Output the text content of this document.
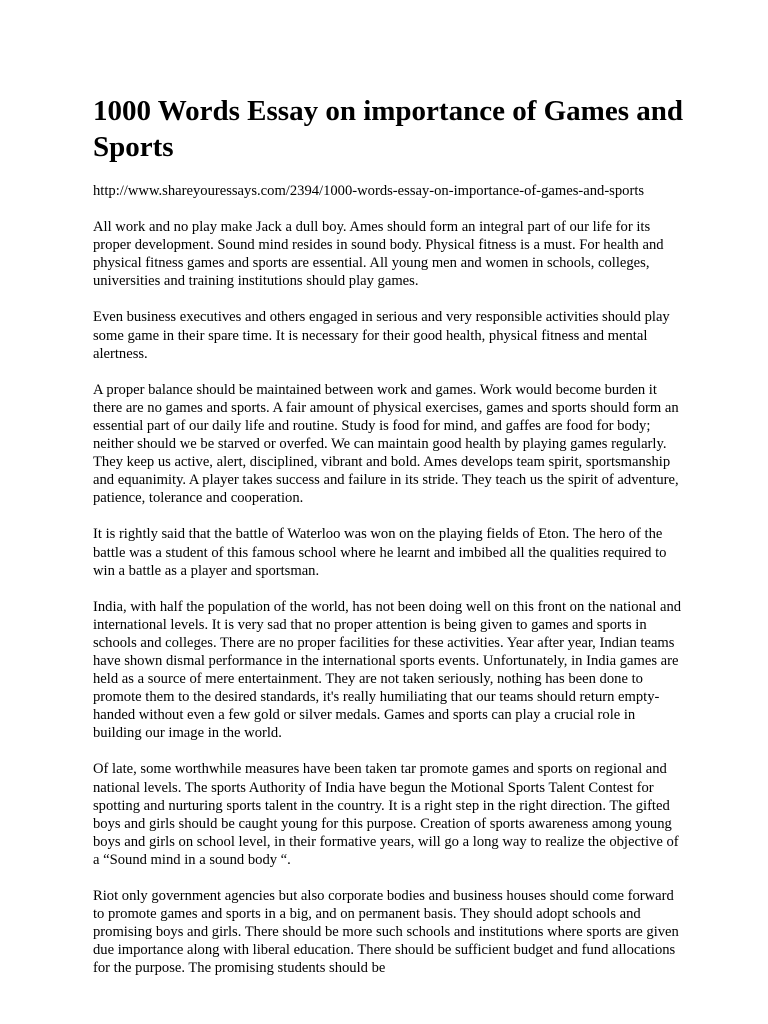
1000 Words Essay on importance of Games and Sports

http://www.shareyouressays.com/2394/1000-words-essay-on-importance-of-games-and-sports

All work and no play make Jack a dull boy. Ames should form an integral part of our life for its proper development. Sound mind resides in sound body. Physical fitness is a must. For health and physical fitness games and sports are essential. All young men and women in schools, colleges, universities and training institutions should play games.

Even business executives and others engaged in serious and very responsible activities should play some game in their spare time. It is necessary for their good health, physical fitness and mental alertness.

A proper balance should be maintained between work and games. Work would become burden it there are no games and sports. A fair amount of physical exercises, games and sports should form an essential part of our daily life and routine. Study is food for mind, and gaffes are food for body; neither should we be starved or overfed. We can maintain good health by playing games regularly. They keep us active, alert, disciplined, vibrant and bold. Ames develops team spirit, sportsmanship and equanimity. A player takes success and failure in its stride. They teach us the spirit of adventure, patience, tolerance and cooperation.

It is rightly said that the battle of Waterloo was won on the playing fields of Eton. The hero of the battle was a student of this famous school where he learnt and imbibed all the qualities required to win a battle as a player and sportsman.

India, with half the population of the world, has not been doing well on this front on the national and international levels. It is very sad that no proper attention is being given to games and sports in schools and colleges. There are no proper facilities for these activities. Year after year, Indian teams have shown dismal performance in the international sports events. Unfortunately, in India games are held as a source of mere entertainment. They are not taken seriously, nothing has been done to promote them to the desired standards, it's really humiliating that our teams should return empty- handed without even a few gold or silver medals. Games and sports can play a crucial role in building our image in the world.

Of late, some worthwhile measures have been taken tar promote games and sports on regional and national levels. The sports Authority of India have begun the Motional Sports Talent Contest for spotting and nurturing sports talent in the country. It is a right step in the right direction. The gifted boys and girls should be caught young for this purpose. Creation of sports awareness among young boys and girls on school level, in their formative years, will go a long way to realize the objective of a “Sound mind in a sound body “.

Riot only government agencies but also corporate bodies and business houses should come forward to promote games and sports in a big, and on permanent basis. They should adopt schools and promising boys and girls. There should be more such schools and institutions where sports are given due importance along with liberal education. There should be sufficient budget and fund allocations for the purpose. The promising students should be
